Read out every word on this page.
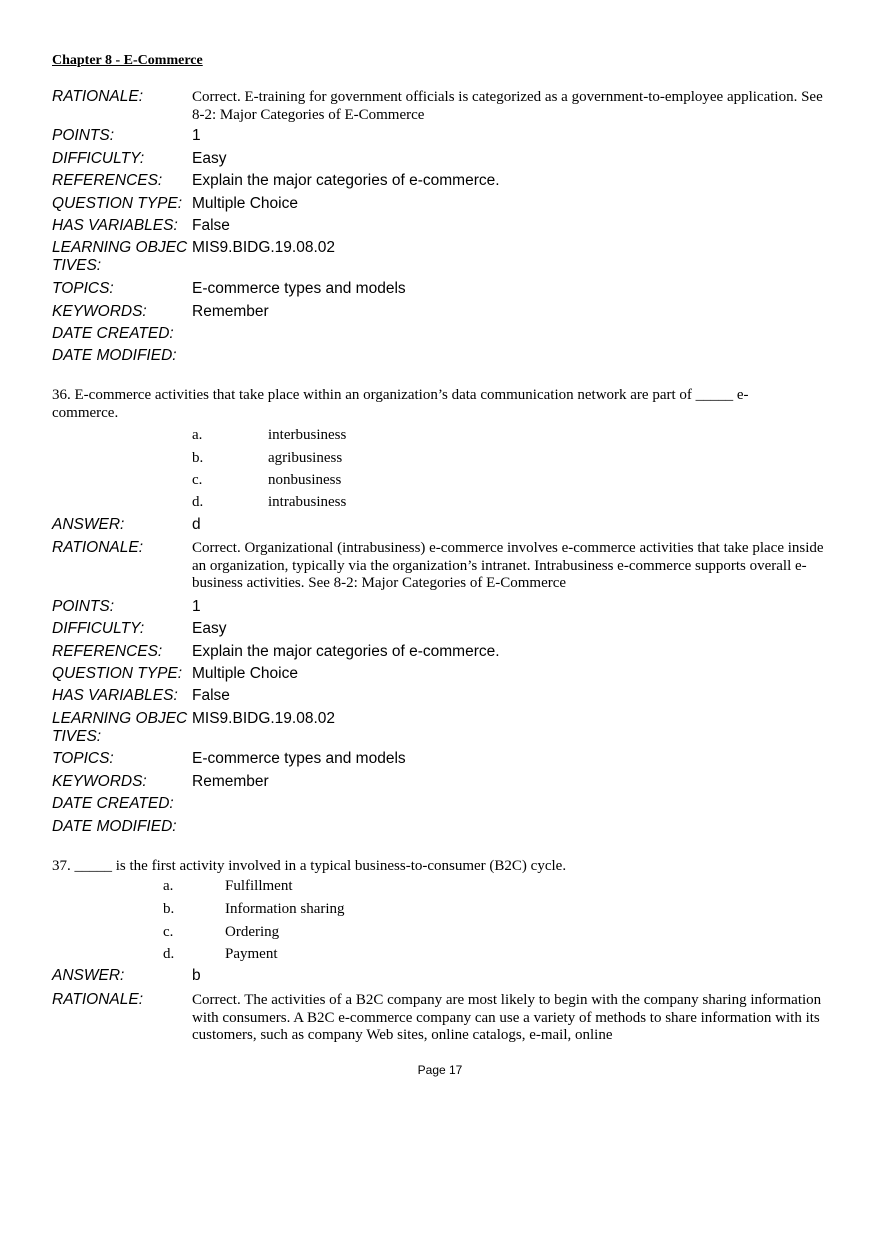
Chapter 8 - E-Commerce
RATIONALE:	Correct. E-training for government officials is categorized as a government-to-employee application. See 8-2: Major Categories of E-Commerce
POINTS:	1
DIFFICULTY:	Easy
REFERENCES:	Explain the major categories of e-commerce.
QUESTION TYPE: Multiple Choice
HAS VARIABLES: False
LEARNING OBJECTIVES:
MIS9.BIDG.19.08.02
TOPICS:	E-commerce types and models
KEYWORDS:	Remember
DATE CREATED:
DATE MODIFIED:
36. E-commerce activities that take place within an organization’s data communication network are part of _____ e-commerce.
a.	interbusiness
b.	agribusiness
c.	nonbusiness
d.	intrabusiness
ANSWER:	d
RATIONALE:	Correct. Organizational (intrabusiness) e-commerce involves e-commerce activities that take place inside an organization, typically via the organization’s intranet. Intrabusiness e-commerce supports overall e-business activities. See 8-2: Major Categories of E-Commerce
POINTS:	1
DIFFICULTY:	Easy
REFERENCES:	Explain the major categories of e-commerce.
QUESTION TYPE: Multiple Choice
HAS VARIABLES: False
LEARNING OBJECTIVES:
MIS9.BIDG.19.08.02
TOPICS:	E-commerce types and models
KEYWORDS:	Remember
DATE CREATED:
DATE MODIFIED:
37. _____ is the first activity involved in a typical business-to-consumer (B2C) cycle.
a.	Fulfillment
b.	Information sharing
c.	Ordering
d.	Payment
ANSWER:	b
RATIONALE:	Correct. The activities of a B2C company are most likely to begin with the company sharing information with consumers. A B2C e-commerce company can use a variety of methods to share information with its customers, such as company Web sites, online catalogs, e-mail, online
Page 17
